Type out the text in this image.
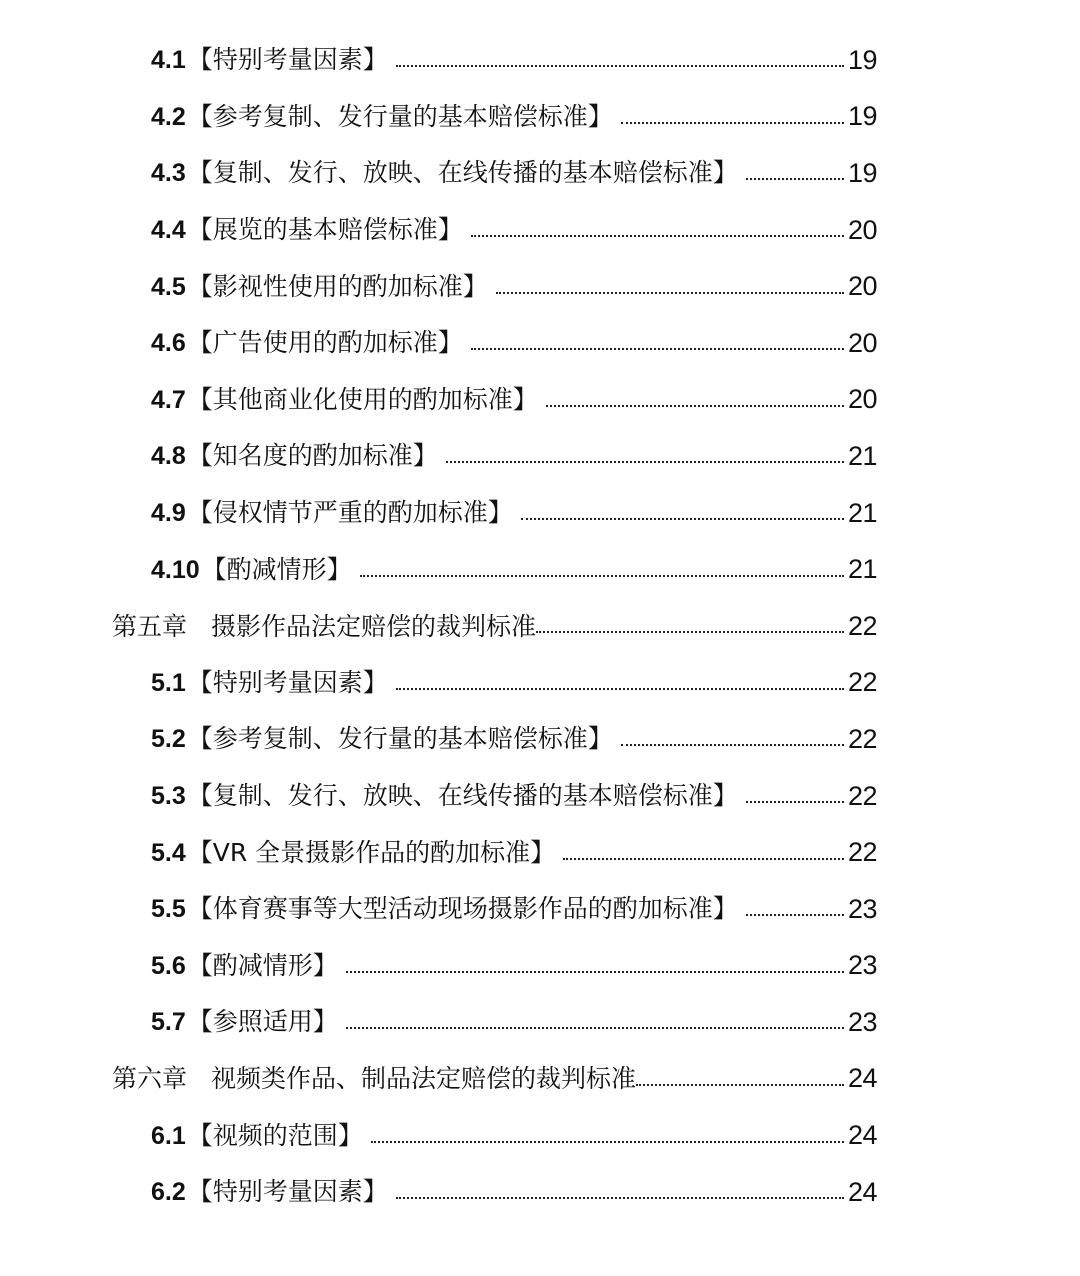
4.1【特别考量因素】	19
4.2【参考复制、发行量的基本赔偿标准】	19
4.3【复制、发行、放映、在线传播的基本赔偿标准】	19
4.4【展览的基本赔偿标准】	20
4.5【影视性使用的酌加标准】	20
4.6【广告使用的酌加标准】	20
4.7【其他商业化使用的酌加标准】	20
4.8【知名度的酌加标准】	21
4.9【侵权情节严重的酌加标准】	21
4.10【酌减情形】	21
第五章 摄影作品法定赔偿的裁判标准	22
5.1【特别考量因素】	22
5.2【参考复制、发行量的基本赔偿标准】	22
5.3【复制、发行、放映、在线传播的基本赔偿标准】	22
5.4【VR 全景摄影作品的酌加标准】	22
5.5【体育赛事等大型活动现场摄影作品的酌加标准】	23
5.6【酌减情形】	23
5.7【参照适用】	23
第六章 视频类作品、制品法定赔偿的裁判标准	24
6.1【视频的范围】	24
6.2【特别考量因素】	24
